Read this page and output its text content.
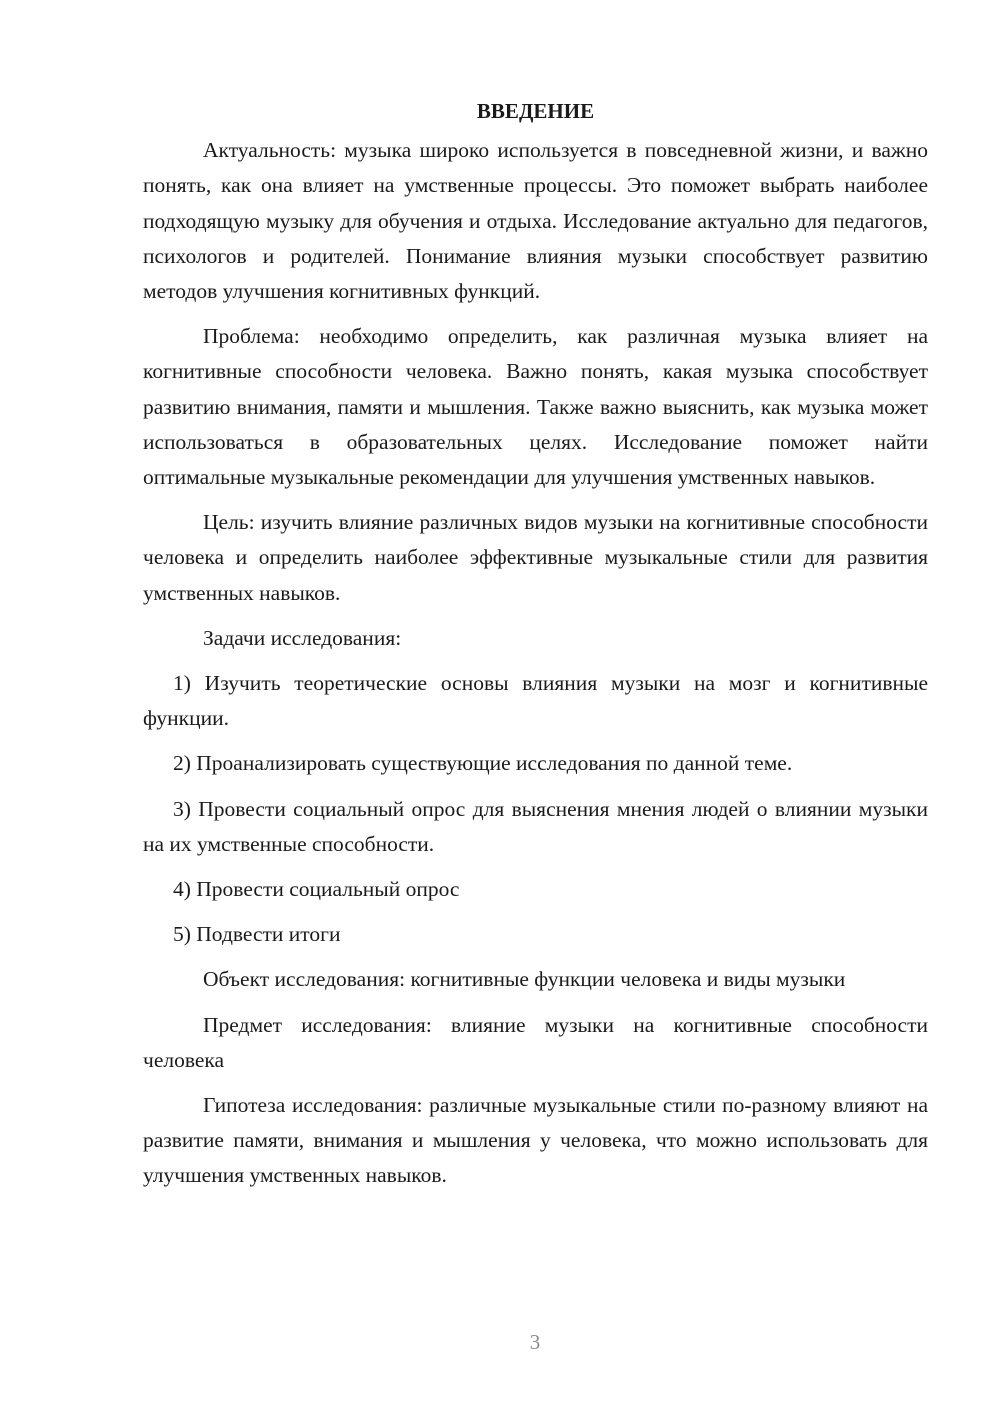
ВВЕДЕНИЕ

Актуальность: музыка широко используется в повседневной жизни, и важно понять, как она влияет на умственные процессы. Это поможет выбрать наиболее подходящую музыку для обучения и отдыха. Исследование актуально для педагогов, психологов и родителей. Понимание влияния музыки способствует развитию методов улучшения когнитивных функций.

Проблема: необходимо определить, как различная музыка влияет на когнитивные способности человека. Важно понять, какая музыка способствует развитию внимания, памяти и мышления. Также важно выяснить, как музыка может использоваться в образовательных целях. Исследование поможет найти оптимальные музыкальные рекомендации для улучшения умственных навыков.

Цель: изучить влияние различных видов музыки на когнитивные способности человека и определить наиболее эффективные музыкальные стили для развития умственных навыков.

Задачи исследования:

1) Изучить теоретические основы влияния музыки на мозг и когнитивные функции.

2) Проанализировать существующие исследования по данной теме.

3) Провести социальный опрос для выяснения мнения людей о влиянии музыки на их умственные способности.

4) Провести социальный опрос

5) Подвести итоги

Объект исследования: когнитивные функции человека и виды музыки

Предмет исследования: влияние музыки на когнитивные способности человека

Гипотеза исследования: различные музыкальные стили по-разному влияют на развитие памяти, внимания и мышления у человека, что можно использовать для улучшения умственных навыков.

3
